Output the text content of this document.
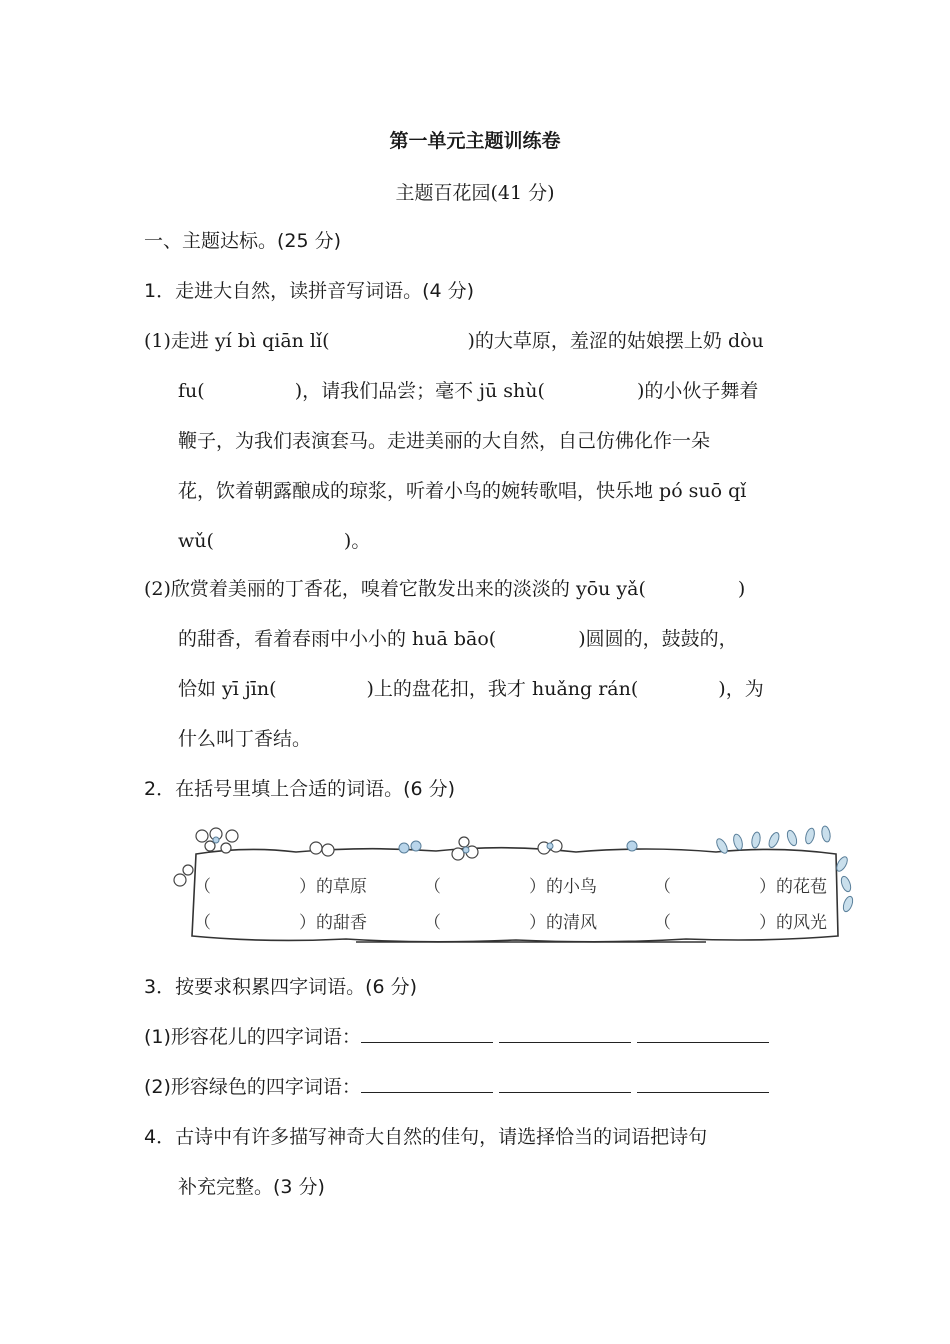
第一单元主题训练卷
主题百花园(41 分)
一、主题达标。(25 分)
1．走进大自然，读拼音写词语。(4 分)
(1)走进 yí bì qiān lǐ(	)的大草原，羞涩的姑娘摆上奶 dòu
fu(	)，请我们品尝；毫不 jū shù(	)的小伙子舞着
鞭子，为我们表演套马。走进美丽的大自然，自己仿佛化作一朵
花，饮着朝露酿成的琼浆，听着小鸟的婉转歌唱，快乐地 pó suō qǐ
wǔ(	)。
(2)欣赏着美丽的丁香花，嗅着它散发出来的淡淡的 yōu yǎ(	)
的甜香，看着春雨中小小的 huā bāo(	)圆圆的，鼓鼓的，
恰如 yī jīn(	)上的盘花扣，我才 huǎng rán(	)，为
什么叫丁香结。
2．在括号里填上合适的词语。(6 分)
（	）的草原	（	）的小鸟	（	）的花苞
（	）的甜香	（	）的清风	（	）的风光
3．按要求积累四字词语。(6 分)
(1)形容花儿的四字词语：
(2)形容绿色的四字词语：
4．古诗中有许多描写神奇大自然的佳句，请选择恰当的词语把诗句
补充完整。(3 分)
